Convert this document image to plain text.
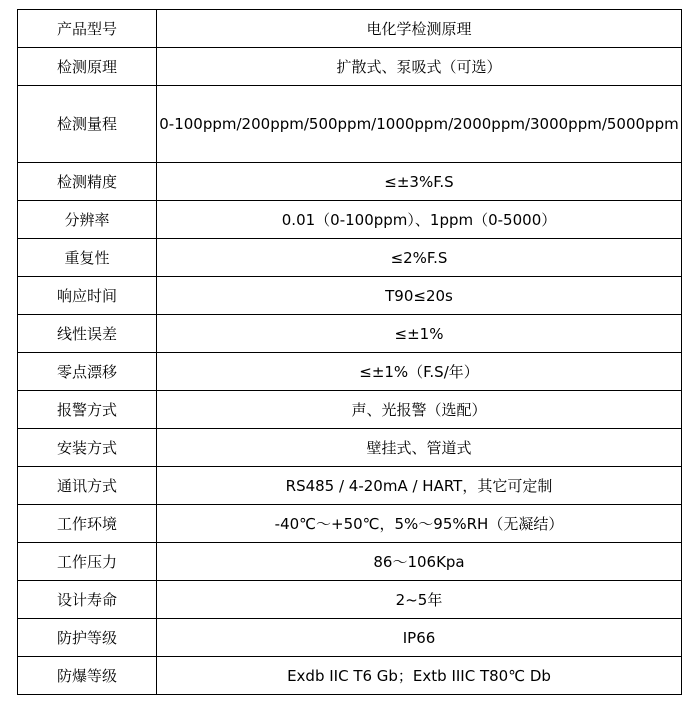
产品型号	电化学检测原理
检测原理	扩散式、泵吸式（可选）
检测量程	0-100ppm/200ppm/500ppm/1000ppm/2000ppm/3000ppm/5000ppm

检测精度	≤±3%F.S
分辨率	0.01（0-100ppm）、1ppm（0-5000）
重复性	≤2%F.S
响应时间	T90≤20s
线性误差	≤±1%
零点漂移	≤±1%（F.S/年）
报警方式	声、光报警（选配）
安装方式	壁挂式、管道式
通讯方式	RS485 / 4-20mA / HART，其它可定制
工作环境	-40℃～+50℃，5%～95%RH（无凝结）
工作压力	86～106Kpa
设计寿命	2~5年
防护等级	IP66
防爆等级	Exdb IIC T6 Gb；Extb IIIC T80℃ Db
